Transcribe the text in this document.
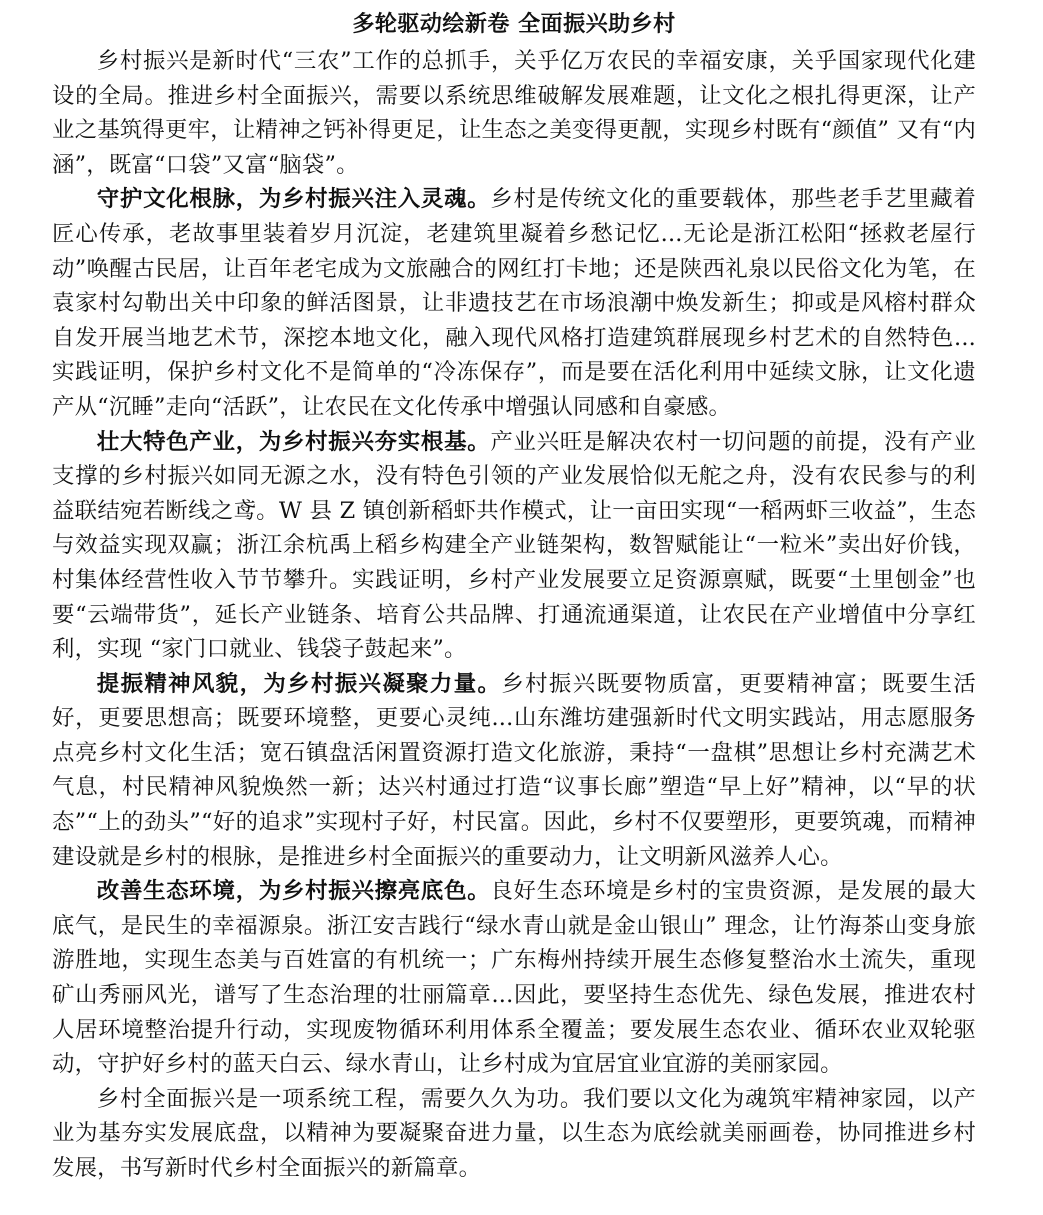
多轮驱动绘新卷 全面振兴助乡村

乡村振兴是新时代“三农”工作的总抓手，关乎亿万农民的幸福安康，关乎国家现代化建设的全局。推进乡村全面振兴，需要以系统思维破解发展难题，让文化之根扎得更深，让产业之基筑得更牢，让精神之钙补得更足，让生态之美变得更靓，实现乡村既有“颜值” 又有“内涵”，既富“口袋”又富“脑袋”。

守护文化根脉，为乡村振兴注入灵魂。乡村是传统文化的重要载体，那些老手艺里藏着匠心传承，老故事里装着岁月沉淀，老建筑里凝着乡愁记忆...无论是浙江松阳“拯救老屋行动”唤醒古民居，让百年老宅成为文旅融合的网红打卡地；还是陕西礼泉以民俗文化为笔，在袁家村勾勒出关中印象的鲜活图景，让非遗技艺在市场浪潮中焕发新生；抑或是风榕村群众自发开展当地艺术节，深挖本地文化，融入现代风格打造建筑群展现乡村艺术的自然特色...实践证明，保护乡村文化不是简单的“冷冻保存”，而是要在活化利用中延续文脉，让文化遗产从“沉睡”走向“活跃”，让农民在文化传承中增强认同感和自豪感。

壮大特色产业，为乡村振兴夯实根基。产业兴旺是解决农村一切问题的前提，没有产业支撑的乡村振兴如同无源之水，没有特色引领的产业发展恰似无舵之舟，没有农民参与的利益联结宛若断线之鸢。W 县 Z 镇创新稻虾共作模式，让一亩田实现“一稻两虾三收益”，生态与效益实现双赢；浙江余杭禹上稻乡构建全产业链架构，数智赋能让“一粒米”卖出好价钱，村集体经营性收入节节攀升。实践证明，乡村产业发展要立足资源禀赋，既要“土里刨金”也要“云端带货”，延长产业链条、培育公共品牌、打通流通渠道，让农民在产业增值中分享红利，实现 “家门口就业、钱袋子鼓起来”。

提振精神风貌，为乡村振兴凝聚力量。乡村振兴既要物质富，更要精神富；既要生活好，更要思想高；既要环境整，更要心灵纯...山东潍坊建强新时代文明实践站，用志愿服务点亮乡村文化生活；宽石镇盘活闲置资源打造文化旅游，秉持“一盘棋”思想让乡村充满艺术气息，村民精神风貌焕然一新；达兴村通过打造“议事长廊”塑造“早上好”精神，以“早的状态”“上的劲头”“好的追求”实现村子好，村民富。因此，乡村不仅要塑形，更要筑魂，而精神建设就是乡村的根脉，是推进乡村全面振兴的重要动力，让文明新风滋养人心。

改善生态环境，为乡村振兴擦亮底色。良好生态环境是乡村的宝贵资源，是发展的最大底气，是民生的幸福源泉。浙江安吉践行“绿水青山就是金山银山” 理念，让竹海茶山变身旅游胜地，实现生态美与百姓富的有机统一；广东梅州持续开展生态修复整治水土流失，重现矿山秀丽风光，谱写了生态治理的壮丽篇章...因此，要坚持生态优先、绿色发展，推进农村人居环境整治提升行动，实现废物循环利用体系全覆盖；要发展生态农业、循环农业双轮驱动，守护好乡村的蓝天白云、绿水青山，让乡村成为宜居宜业宜游的美丽家园。

乡村全面振兴是一项系统工程，需要久久为功。我们要以文化为魂筑牢精神家园，以产业为基夯实发展底盘，以精神为要凝聚奋进力量，以生态为底绘就美丽画卷，协同推进乡村发展，书写新时代乡村全面振兴的新篇章。
